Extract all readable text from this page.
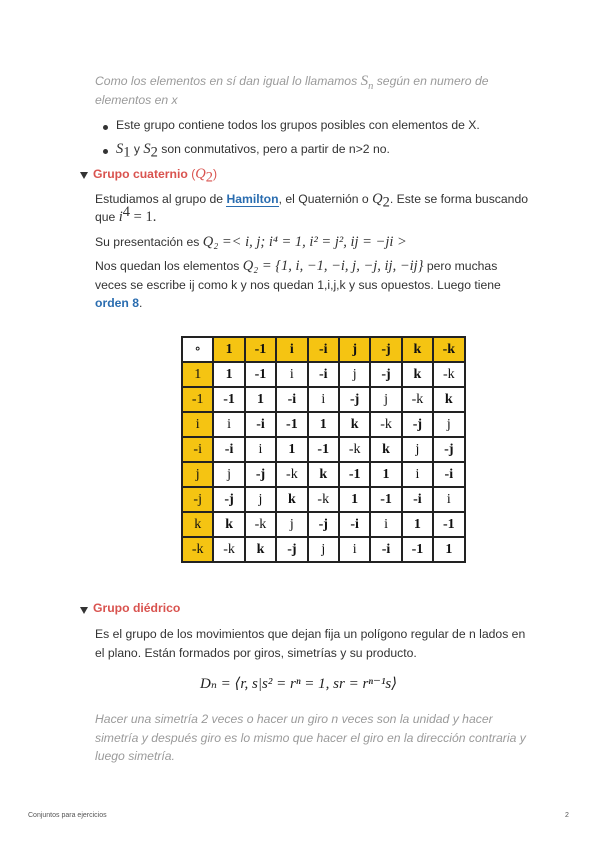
Como los elementos en sí dan igual lo llamamos $S_n$ según en numero de
elementos en x
Este grupo contiene todos los grupos posibles con elementos de X.
$S_1$ y $S_2$ son conmutativos, pero a partir de n>2 no.
Grupo cuaternio $(Q_2)$
Estudiamos al grupo de Hamilton, el Quaternión o $Q_2$. Este se forma buscando
que $i^4 = 1$.
Su presentación es Q₂ =< i, j; i⁴ = 1, i² = j², ij = −ji >
Nos quedan los elementos Q₂ = {1, i, −1, −i, j, −j, ij, −ij} pero muchas
veces se escribe ij como k y nos quedan 1,i,j,k y sus opuestos. Luego tiene
orden 8.
∘	1	-1	i	-i	j	-j	k	-k
1	1	-1	i	-i	j	-j	k	-k
-1	-1	1	-i	i	-j	j	-k	k
i	i	-i	-1	1	k	-k	-j	j
-i	-i	i	1	-1	-k	k	j	-j
j	j	-j	-k	k	-1	1	i	-i
-j	-j	j	k	-k	1	-1	-i	i
k	k	-k	j	-j	-i	i	1	-1
-k	-k	k	-j	j	i	-i	-1	1
Grupo diédrico
Es el grupo de los movimientos que dejan fija un polígono regular de n lados en
el plano. Están formados por giros, simetrías y su producto.
Dₙ = ⟨r, s|s² = rⁿ = 1, sr = rⁿ⁻¹s⟩
Hacer una simetría 2 veces o hacer un giro n veces son la unidad y hacer
simetría y después giro es lo mismo que hacer el giro en la dirección contraria y
luego simetría.
Conjuntos para ejercicios	2
